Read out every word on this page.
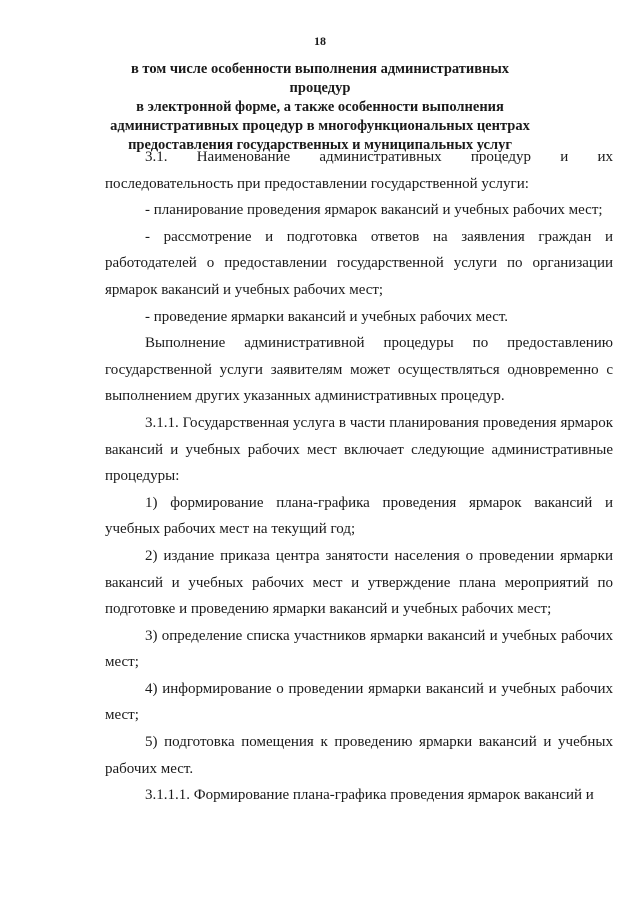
18
в том числе особенности выполнения административных процедур
в электронной форме, а также особенности выполнения
административных процедур в многофункциональных центрах
предоставления государственных и муниципальных услуг

3.1. Наименование административных процедур и их последовательность при предоставлении государственной услуги:

- планирование проведения ярмарок вакансий и учебных рабочих мест;

- рассмотрение и подготовка ответов на заявления граждан и работодателей о предоставлении государственной услуги по организации ярмарок вакансий и учебных рабочих мест;

- проведение ярмарки вакансий и учебных рабочих мест.

Выполнение административной процедуры по предоставлению государственной услуги заявителям может осуществляться одновременно с выполнением других указанных административных процедур.

3.1.1. Государственная услуга в части планирования проведения ярмарок вакансий и учебных рабочих мест включает следующие административные процедуры:

1) формирование плана-графика проведения ярмарок вакансий и учебных рабочих мест на текущий год;

2) издание приказа центра занятости населения о проведении ярмарки вакансий и учебных рабочих мест и утверждение плана мероприятий по подготовке и проведению ярмарки вакансий и учебных рабочих мест;

3) определение списка участников ярмарки вакансий и учебных рабочих мест;

4) информирование о проведении ярмарки вакансий и учебных рабочих мест;

5) подготовка помещения к проведению ярмарки вакансий и учебных рабочих мест.

3.1.1.1. Формирование плана-графика проведения ярмарок вакансий и
